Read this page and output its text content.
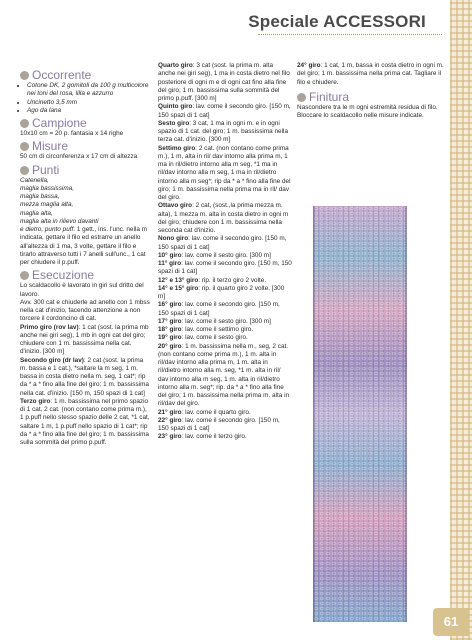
Speciale ACCESSORI
Occorrente
• Cotone DK, 2 gomitoli da 100 g multicolore nei toni del rosa, lilla e azzurro
• Uncinetto 3,5 mm
• Ago da lana
Campione

10x10 cm = 20 p. fantasia x 14 righe

Misure

50 cm di circonferenza x 17 cm di altezza

Punti
Catenella,
maglia bassissima,
maglia bassa,
mezza maglia alta,
maglia alta,
maglia alta in rilievo davanti

e dietro, punto puff: 1 gett., ins. l'unc. nella m indicata, gettare il filo ed estrarre un anello all'altezza di 1 ma, 3 volte, gettare il filo e tirarlo attraverso tutti i 7 anelli sull'unc., 1 cat per chiudere il p.puff.

Esecuzione

Lo scaldacollo è lavorato in giri sul dritto del lavoro.

Avv. 300 cat e chiuderle ad anello con 1 mbss nella cat d'inizio, facendo attenzione a non torcere il cordoncino di cat.

Primo giro (rov lav): 1 cat (sost. la prima mb anche nei giri seg), 1 mb in ogni cat del giro; chiudere con 1 m. bassissima nella cat. d'inizio. [300 m]

Secondo giro (dr lav): 2 cat (sost. la prima m. bassa e 1 cat.), *saltare la m seg, 1 m. bassa in costa dietro nella m. seg, 1 cat*; rip da * a * fino alla fine del giro; 1 m. bassissima nella cat. d'inizio. [150 m, 150 spazi di 1 cat]

Terzo giro: 1 m. bassissima nel primo spazio di 1 cat, 2 cat. (non contano come prima m.), 1 p.puff nello stesso spazio delle 2 cat, *1 cat, saltare 1 m, 1 p.puff nello spazio di 1 cat*; rip da * a * fino alla fine del giro; 1 m. bassissima sulla sommità del primo p.puff.

Quarto giro: 3 cat (sost. la prima m. alta anche nei giri seg), 1 ma in costa dietro nel filo posteriore di ogni m e di ogni cat fino alla fine del giro; 1 m. bassissima sulla sommità del primo p.puff. [300 m]

Quinto giro: lav. come il secondo giro. [150 m, 150 spazi di 1 cat]

Sesto giro: 3 cat, 1 ma in ogni m. e in ogni spazio di 1 cat. del giro; 1 m. bassissima nella terza cat. d'inizio. [300 m]

Settimo giro: 2 cat. (non contano come prima m.), 1 m, alta in ril/ dav intorno alla prima m, 1 ma in ril/dietro intorno alla m seg, *1 ma in ril/dav intorno alla m seg, 1 ma in ril/dietro intorno alla m seg*; rip da * a * fino alla fine del giro; 1 m. bassissima nella prima ma in ril/ dav del giro.

Ottavo giro: 2 cat, (sost.,la prima mezza m. alta), 1 mezza m. alta in costa dietro in ogni m del giro; chiudere con 1 m. bassissima nella seconda cat d'inizio.

Nono giro: lav. come il secondo giro. [150 m, 150 spazi di 1 cat]

10° giro: lav. come il sesto giro. [300 m]

11° giro: lav. come il secondo giro. [150 m, 150 spazi di 1 cat]

12° e 13° giro: rip. il terzo giro 2 volte.

14° e 15° giro: rip. il quarto giro 2 volte. [300 m]

16° giro: lav. come il secondo giro. [150 m, 150 spazi di 1 cat]

17° giro: lav. come il sesto giro. [300 m]

18° giro: lav. come il settimo giro.

19° giro: lav. come il sesto giro.

20° giro: 1 m. bassissima nella m., seg, 2 cat. (non contano come prima m.), 1 m. alta in ril/dav intorno alla prima m, 1 m. alta in ril/dietro intorno alla m. seg, *1 m. alta in ril/ dav intorno alla m seg, 1 m. alta in ril/dietro intorno alla m. seg*; rip. da * a * fino alla fine del giro; 1 m. bassissima nella prima m. alta in ril/dav del giro.

21° giro: lav. come il quarto giro.

22° giro: lav. come il secondo giro. [150 m, 150 spazi di 1 cat]

23° giro: lav. come il terzo giro.

24° giro: 1 cat, 1 m, bassa in costa dietro in ogni m. del giro; 1 m. bassissima nella prima cat. Tagliare il filo e chiudere.

Finitura

Nascondere tra le m ogni estremità residua di filo. Bloccare lo scaldacollo nelle misure indicate.

61
